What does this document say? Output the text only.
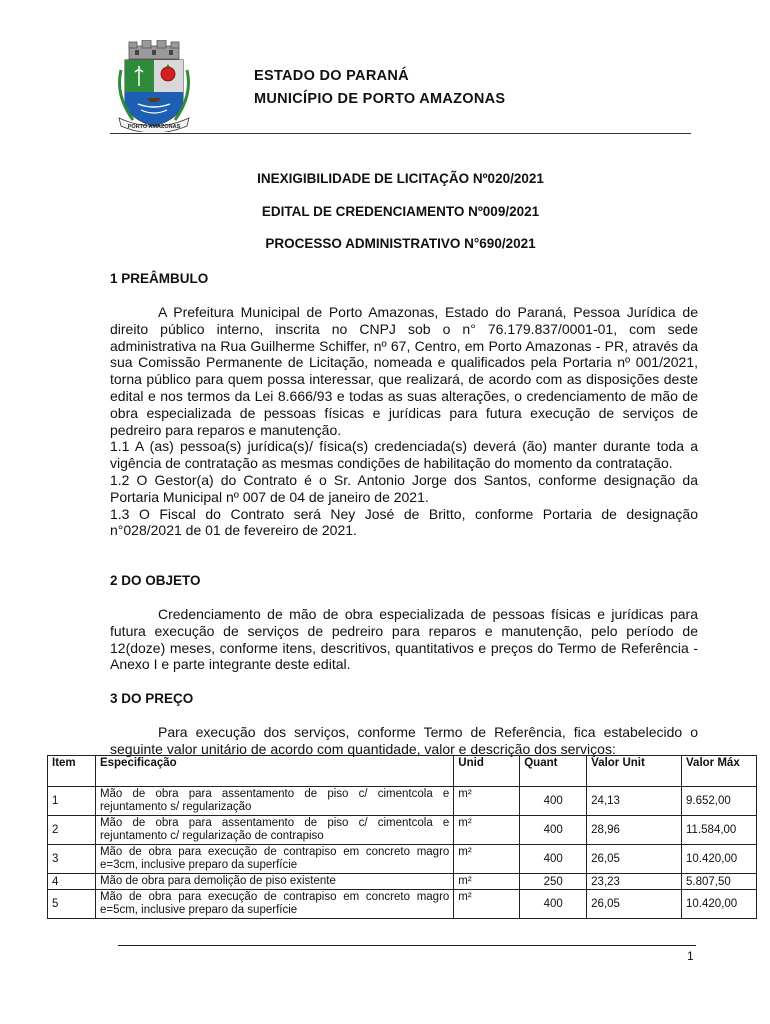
PORTO AMAZONAS
ESTADO DO PARANÁ
MUNICÍPIO DE PORTO AMAZONAS
INEXIGIBILIDADE DE LICITAÇÃO Nº020/2021
EDITAL DE CREDENCIAMENTO Nº009/2021
PROCESSO ADMINISTRATIVO N°690/2021
1 PREÂMBULO
A Prefeitura Municipal de Porto Amazonas, Estado do Paraná, Pessoa Jurídica de direito público interno, inscrita no CNPJ sob o n° 76.179.837/0001-01, com sede administrativa na Rua Guilherme Schiffer, nº 67, Centro, em Porto Amazonas - PR, através da sua Comissão Permanente de Licitação, nomeada e qualificados pela Portaria nº 001/2021, torna público para quem possa interessar, que realizará, de acordo com as disposições deste edital e nos termos da Lei 8.666/93 e todas as suas alterações, o credenciamento de mão de obra especializada de pessoas físicas e jurídicas para futura execução de serviços de pedreiro para reparos e manutenção.
1.1 A (as) pessoa(s) jurídica(s)/ física(s) credenciada(s) deverá (ão) manter durante toda a vigência de contratação as mesmas condições de habilitação do momento da contratação.
1.2 O Gestor(a) do Contrato é o Sr. Antonio Jorge dos Santos, conforme designação da Portaria Municipal nº 007 de 04 de janeiro de 2021.
1.3 O Fiscal do Contrato será Ney José de Britto, conforme Portaria de designação n°028/2021 de 01 de fevereiro de 2021.
2 DO OBJETO
Credenciamento de mão de obra especializada de pessoas físicas e jurídicas para futura execução de serviços de pedreiro para reparos e manutenção, pelo período de 12(doze) meses, conforme itens, descritivos, quantitativos e preços do Termo de Referência - Anexo I e parte integrante deste edital.
3 DO PREÇO
Para execução dos serviços, conforme Termo de Referência, fica estabelecido o seguinte valor unitário de acordo com quantidade, valor e descrição dos serviços:
Item	Especificação	Unid	Quant	Valor Unit	Valor Máx
1	Mão de obra para assentamento de piso c/ cimentcola e rejuntamento s/ regularização	m²	400	24,13	9.652,00
2	Mão de obra para assentamento de piso c/ cimentcola e rejuntamento c/ regularização de contrapiso	m²	400	28,96	11.584,00
3	Mão de obra para execução de contrapiso em concreto magro e=3cm, inclusive preparo da superfície	m²	400	26,05	10.420,00
4	Mão de obra para demolição de piso existente	m²	250	23,23	5.807,50
5	Mão de obra para execução de contrapiso em concreto magro e=5cm, inclusive preparo da superfície	m²	400	26,05	10.420,00
1
